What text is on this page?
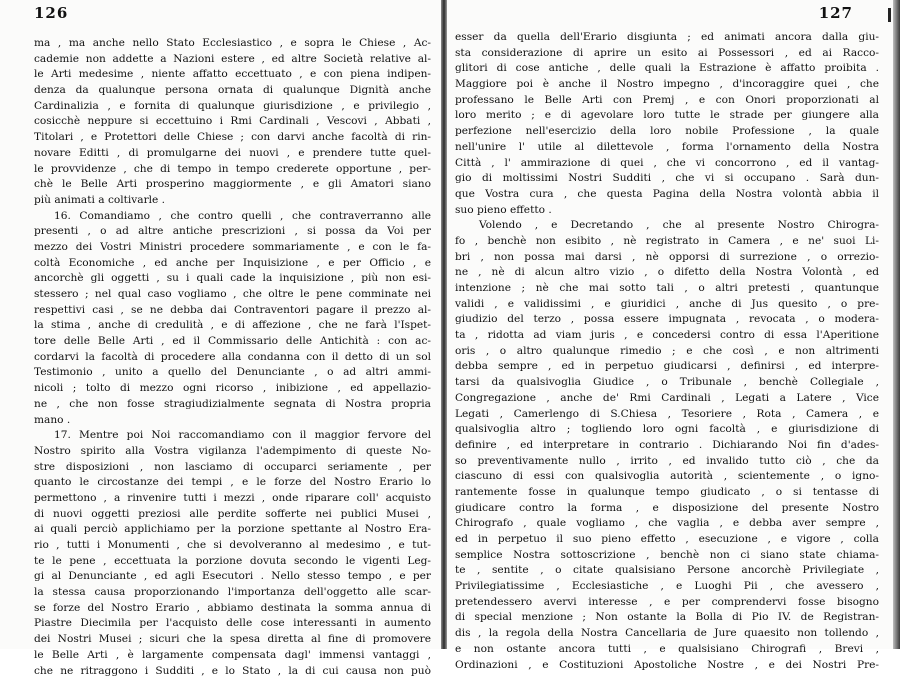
126
ma , ma anche nello Stato Ecclesiastico , e sopra le Chiese , Ac-
cademie non addette a Nazioni estere , ed altre Società relative al-
le Arti medesime , niente affatto eccettuato , e con piena indipen-
denza da qualunque persona ornata di qualunque Dignità anche
Cardinalizia , e fornita di qualunque giurisdizione , e privilegio ,
cosicchè neppure si eccettuino i Rmi Cardinali , Vescovi , Abbati ,
Titolari , e Protettori delle Chiese ; con darvi anche facoltà di rin-
novare Editti , di promulgarne dei nuovi , e prendere tutte quel-
le provvidenze , che di tempo in tempo crederete opportune , per-
chè le Belle Arti prosperino maggiormente , e gli Amatori siano
più animati a coltivarle .
16. Comandiamo , che contro quelli , che contraverranno alle
presenti , o ad altre antiche prescrizioni , si possa da Voi per
mezzo dei Vostri Ministri procedere sommariamente , e con le fa-
coltà Economiche , ed anche per Inquisizione , e per Officio , e
ancorchè gli oggetti , su i quali cade la inquisizione , più non esi-
stessero ; nel qual caso vogliamo , che oltre le pene comminate nei
respettivi casi , se ne debba dai Contraventori pagare il prezzo al-
la stima , anche di credulità , e di affezione , che ne farà l'Ispet-
tore delle Belle Arti , ed il Commissario delle Antichità : con ac-
cordarvi la facoltà di procedere alla condanna con il detto di un sol
Testimonio , unito a quello del Denunciante , o ad altri ammi-
nicoli ; tolto di mezzo ogni ricorso , inibizione , ed appellazio-
ne , che non fosse stragiudizialmente segnata di Nostra propria
mano .
17. Mentre poi Noi raccomandiamo con il maggior fervore del
Nostro spirito alla Vostra vigilanza l'adempimento di queste No-
stre disposizioni , non lasciamo di occuparci seriamente , per
quanto le circostanze dei tempi , e le forze del Nostro Erario lo
permettono , a rinvenire tutti i mezzi , onde riparare coll' acquisto
di nuovi oggetti preziosi alle perdite sofferte nei publici Musei ,
ai quali perciò applichiamo per la porzione spettante al Nostro Era-
rio , tutti i Monumenti , che si devolveranno al medesimo , e tut-
te le pene , eccettuata la porzione dovuta secondo le vigenti Leg-
gi al Denunciante , ed agli Esecutori . Nello stesso tempo , e per
la stessa causa proporzionando l'importanza dell'oggetto alle scar-
se forze del Nostro Erario , abbiamo destinata la somma annua di
Piastre Diecimila per l'acquisto delle cose interessanti in aumento
dei Nostri Musei ; sicuri che la spesa diretta al fine di promovere
le Belle Arti , è largamente compensata dagl' immensi vantaggi ,
che ne ritraggono i Sudditi , e lo Stato , la di cui causa non può
127
esser da quella dell'Erario disgiunta ; ed animati ancora dalla giu-
sta considerazione di aprire un esito ai Possessori , ed ai Racco-
glitori di cose antiche , delle quali la Estrazione è affatto proibita .
Maggiore poi è anche il Nostro impegno , d'incoraggire quei , che
professano le Belle Arti con Premj , e con Onori proporzionati al
loro merito ; e di agevolare loro tutte le strade per giungere alla
perfezione nell'esercizio della loro nobile Professione , la quale
nell'unire l' utile al dilettevole , forma l'ornamento della Nostra
Città , l' ammirazione di quei , che vi concorrono , ed il vantag-
gio di moltissimi Nostri Sudditi , che vi si occupano . Sarà dun-
que Vostra cura , che questa Pagina della Nostra volontà abbia il
suo pieno effetto .
Volendo , e Decretando , che al presente Nostro Chirogra-
fo , benchè non esibito , nè registrato in Camera , e ne' suoi Li-
bri , non possa mai darsi , nè opporsi di surrezione , o orrezio-
ne , nè di alcun altro vizio , o difetto della Nostra Volontà , ed
intenzione ; nè che mai sotto tali , o altri pretesti , quantunque
validi , e validissimi , e giuridici , anche di Jus quesito , o pre-
giudizio del terzo , possa essere impugnata , revocata , o modera-
ta , ridotta ad viam juris , e concedersi contro di essa l'Aperitione
oris , o altro qualunque rimedio ; e che così , e non altrimenti
debba sempre , ed in perpetuo giudicarsi , definirsi , ed interpre-
tarsi da qualsivoglia Giudice , o Tribunale , benchè Collegiale ,
Congregazione , anche de' Rmi Cardinali , Legati a Latere , Vice
Legati , Camerlengo di S.Chiesa , Tesoriere , Rota , Camera , e
qualsivoglia altro ; togliendo loro ogni facoltà , e giurisdizione di
definire , ed interpretare in contrario . Dichiarando Noi fin d'ades-
so preventivamente nullo , irrito , ed invalido tutto ciò , che da
ciascuno di essi con qualsivoglia autorità , scientemente , o igno-
rantemente fosse in qualunque tempo giudicato , o si tentasse di
giudicare contro la forma , e disposizione del presente Nostro
Chirografo , quale vogliamo , che vaglia , e debba aver sempre ,
ed in perpetuo il suo pieno effetto , esecuzione , e vigore , colla
semplice Nostra sottoscrizione , benchè non ci siano state chiama-
te , sentite , o citate qualsisiano Persone ancorchè Privilegiate ,
Privilegiatissime , Ecclesiastiche , e Luoghi Pii , che avessero ,
pretendessero avervi interesse , e per comprendervi fosse bisogno
di special menzione ; Non ostante la Bolla di Pio IV. de Registran-
dis , la regola della Nostra Cancellaria de Jure quaesito non tollendo ,
e non ostante ancora tutti , e qualsisiano Chirografi , Brevi ,
Ordinazioni , e Costituzioni Apostoliche Nostre , e dei Nostri Pre-
